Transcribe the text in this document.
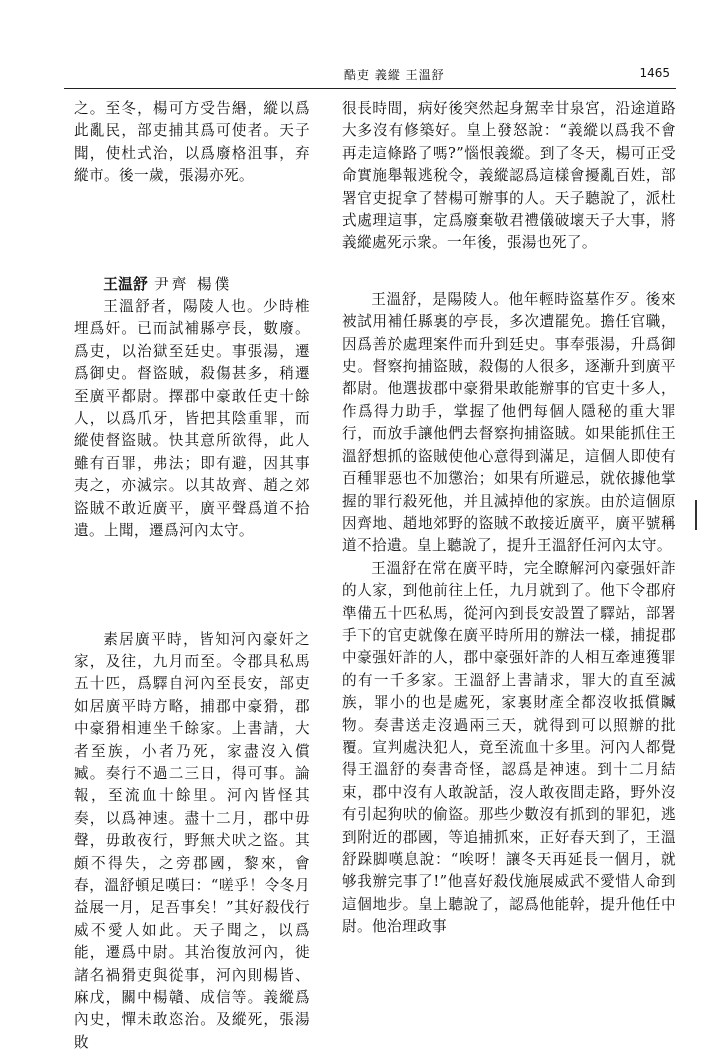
酷吏 義縱 王溫舒	1465

之。至冬，楊可方受告緡，縱以爲此亂民，部吏捕其爲可使者。天子聞，使杜式治，以爲廢格沮事，弃縱市。後一歲，張湯亦死。

王温舒 尹齊 楊僕

王溫舒者，陽陵人也。少時椎埋爲奸。已而試補縣亭長，數廢。爲吏，以治獄至廷史。事張湯，遷爲御史。督盜賊，殺傷甚多，稍遷至廣平都尉。擇郡中豪敢任吏十餘人，以爲爪牙，皆把其陰重罪，而縱使督盜賊。快其意所欲得，此人雖有百罪，弗法；即有避，因其事夷之，亦滅宗。以其故齊、趙之郊盜賊不敢近廣平，廣平聲爲道不拾遺。上聞，遷爲河內太守。

素居廣平時，皆知河內豪奸之家，及往，九月而至。令郡具私馬五十匹，爲驛自河內至長安，部吏如居廣平時方略，捕郡中豪猾，郡中豪猾相連坐千餘家。上書請，大者至族，小者乃死，家盡沒入償臧。奏行不過二三日，得可事。論報，至流血十餘里。河內皆怪其奏，以爲神速。盡十二月，郡中毋聲，毋敢夜行，野無犬吠之盜。其頗不得失，之旁郡國，黎來，會春，溫舒頓足嘆曰：“嗟乎！令冬月益展一月，足吾事矣！”其好殺伐行威不愛人如此。天子聞之，以爲能，遷爲中尉。其治復放河內，徙諸名禍猾吏與從事，河內則楊皆、麻戊，關中楊贛、成信等。義縱爲內史，憚未敢恣治。及縱死，張湯敗

很長時間，病好後突然起身駕幸甘泉宮，沿途道路大多沒有修築好。皇上發怒說：“義縱以爲我不會再走這條路了嗎?”惱恨義縱。到了冬天，楊可正受命實施舉報逃稅令，義縱認爲這樣會擾亂百姓，部署官吏捉拿了替楊可辦事的人。天子聽說了，派杜式處理這事，定爲廢棄敬君禮儀破壞天子大事，將義縱處死示衆。一年後，張湯也死了。

王溫舒，是陽陵人。他年輕時盜墓作歹。後來被試用補任縣裏的亭長，多次遭罷免。擔任官職，因爲善於處理案件而升到廷史。事奉張湯，升爲御史。督察拘捕盜賊，殺傷的人很多，逐漸升到廣平都尉。他選拔郡中豪猾果敢能辦事的官吏十多人，作爲得力助手，掌握了他們每個人隱秘的重大罪行，而放手讓他們去督察拘捕盜賊。如果能抓住王溫舒想抓的盜賊使他心意得到滿足，這個人即使有百種罪惡也不加懲治；如果有所避忌，就依據他掌握的罪行殺死他，并且滅掉他的家族。由於這個原因齊地、趙地郊野的盜賊不敢接近廣平，廣平號稱道不拾遺。皇上聽說了，提升王溫舒任河內太守。

王溫舒在常在廣平時，完全瞭解河內豪强奸詐的人家，到他前往上任，九月就到了。他下令郡府準備五十匹私馬，從河內到長安設置了驛站，部署手下的官吏就像在廣平時所用的辦法一樣，捕捉郡中豪强奸詐的人，郡中豪强奸詐的人相互牽連獲罪的有一千多家。王溫舒上書請求，罪大的直至滅族，罪小的也是處死，家裏財產全都沒收抵償贓物。奏書送走沒過兩三天，就得到可以照辦的批覆。宣判處決犯人，竟至流血十多里。河內人都覺得王溫舒的奏書奇怪，認爲是神速。到十二月結束，郡中沒有人敢說話，沒人敢夜間走路，野外沒有引起狗吠的偷盜。那些少數沒有抓到的罪犯，逃到附近的郡國，等追捕抓來，正好春天到了，王溫舒跺脚嘆息說：“唉呀！讓冬天再延長一個月，就够我辦完事了!”他喜好殺伐施展威武不愛惜人命到這個地步。皇上聽說了，認爲他能幹，提升他任中尉。他治理政事
